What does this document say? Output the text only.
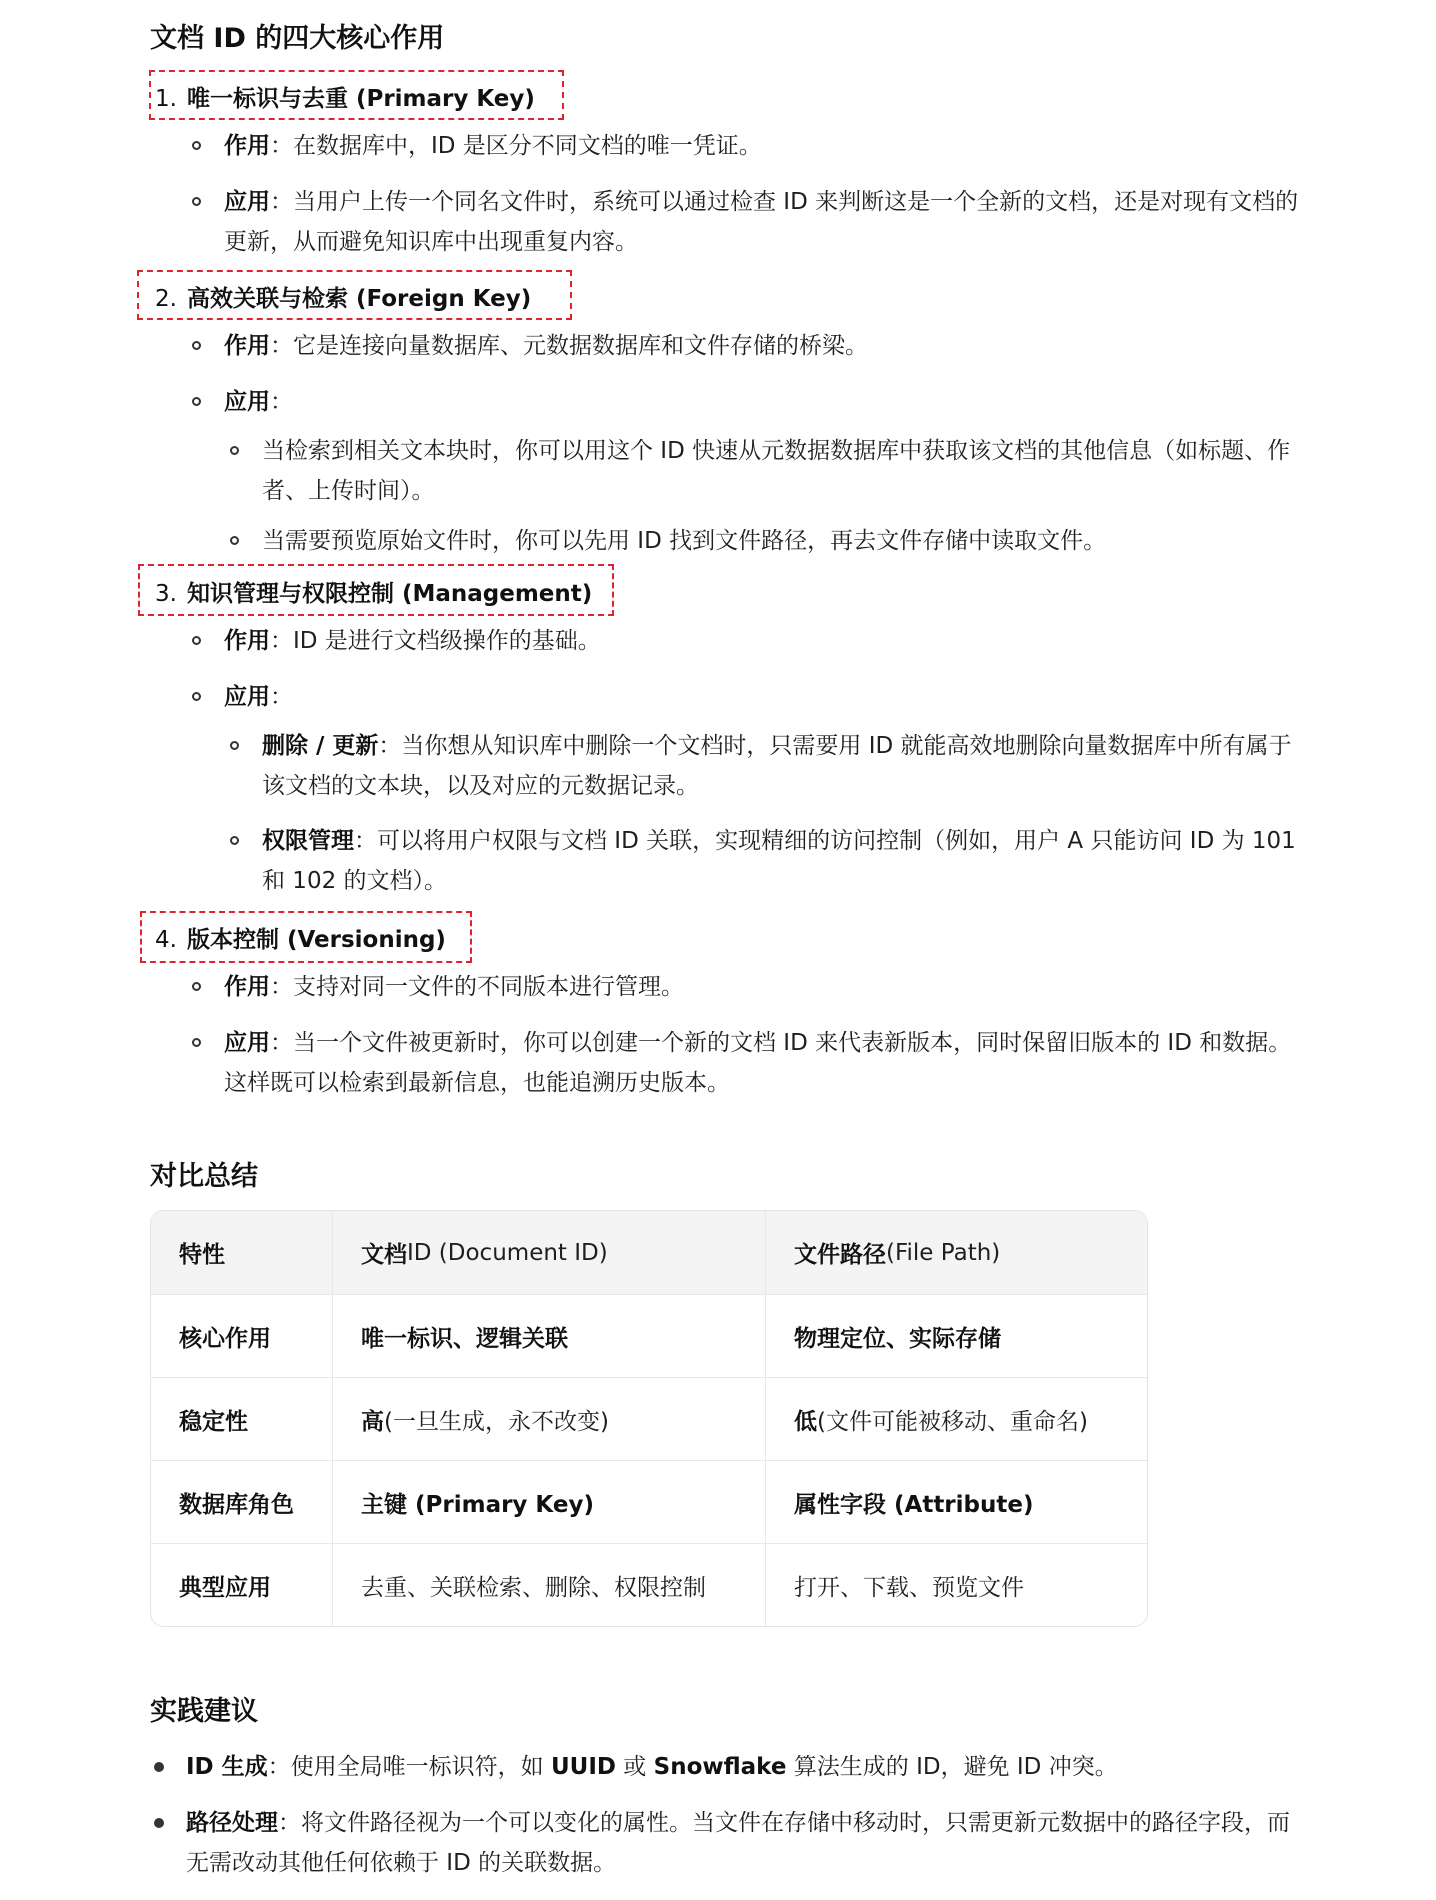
文档 ID 的四大核心作用
1. 唯一标识与去重 (Primary Key)
作用：在数据库中，ID 是区分不同文档的唯一凭证。
应用：当用户上传一个同名文件时，系统可以通过检查 ID 来判断这是一个全新的文档，还是对现有文档的
更新，从而避免知识库中出现重复内容。
2. 高效关联与检索 (Foreign Key)
作用：它是连接向量数据库、元数据数据库和文件存储的桥梁。
应用：
当检索到相关文本块时，你可以用这个 ID 快速从元数据数据库中获取该文档的其他信息（如标题、作
者、上传时间）。
当需要预览原始文件时，你可以先用 ID 找到文件路径，再去文件存储中读取文件。
3. 知识管理与权限控制 (Management)
作用：ID 是进行文档级操作的基础。
应用：
删除 / 更新：当你想从知识库中删除一个文档时，只需要用 ID 就能高效地删除向量数据库中所有属于
该文档的文本块，以及对应的元数据记录。
权限管理：可以将用户权限与文档 ID 关联，实现精细的访问控制（例如，用户 A 只能访问 ID 为 101
和 102 的文档）。
4. 版本控制 (Versioning)
作用：支持对同一文件的不同版本进行管理。
应用：当一个文件被更新时，你可以创建一个新的文档 ID 来代表新版本，同时保留旧版本的 ID 和数据。
这样既可以检索到最新信息，也能追溯历史版本。
对比总结
特性	文档 ID (Document ID)	文件路径 (File Path)
核心作用	唯一标识、逻辑关联	物理定位、实际存储
稳定性	高 (一旦生成，永不改变)	低 (文件可能被移动、重命名)
数据库角色	主键 (Primary Key)	属性字段 (Attribute)
典型应用	去重、关联检索、删除、权限控制	打开、下载、预览文件
实践建议
ID 生成：使用全局唯一标识符，如 UUID 或 Snowflake 算法生成的 ID，避免 ID 冲突。
路径处理：将文件路径视为一个可以变化的属性。当文件在存储中移动时，只需更新元数据中的路径字段，而
无需改动其他任何依赖于 ID 的关联数据。
